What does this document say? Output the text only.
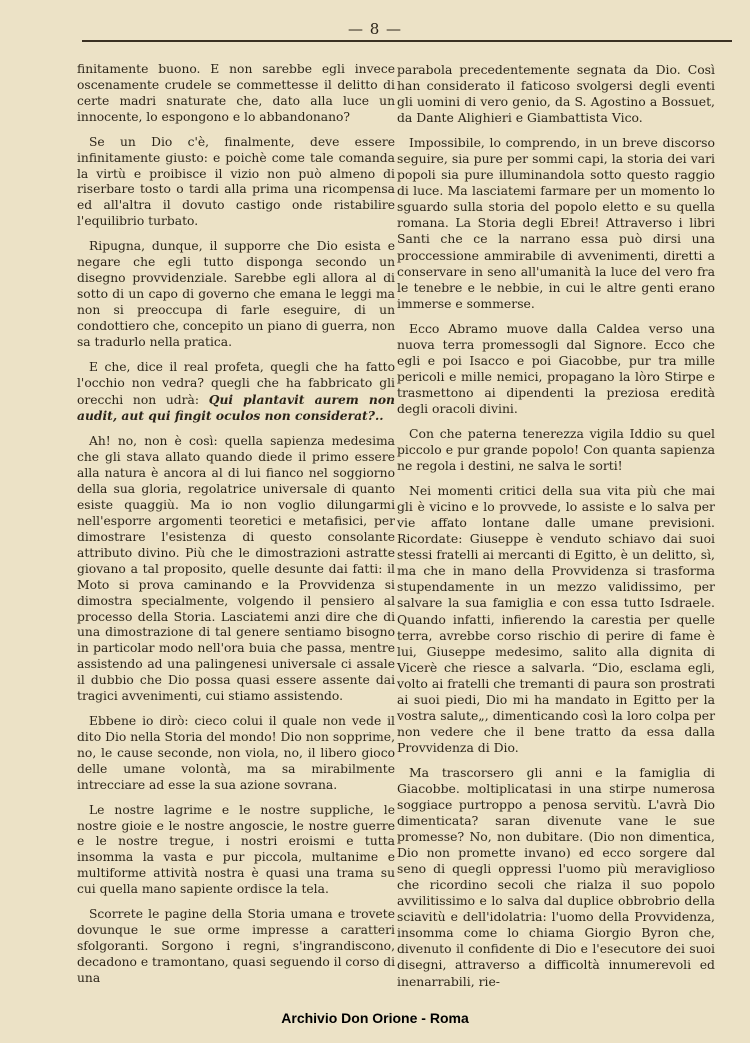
— 8 —

finitamente buono. E non sarebbe egli invece oscenamente crudele se commettesse il delitto di certe madri snaturate che, dato alla luce un innocente, lo espongono e lo abbandonano?

Se un Dio c'è, finalmente, deve essere infinitamente giusto: e poichè come tale comanda la virtù e proibisce il vizio non può almeno di riserbare tosto o tardi alla prima una ricompensa ed all'altra il dovuto castigo onde ristabilire l'equilibrio turbato.

Ripugna, dunque, il supporre che Dio esista e negare che egli tutto disponga secondo un disegno provvidenziale. Sarebbe egli allora al di sotto di un capo di governo che emana le leggi ma non si preoccupa di farle eseguire, di un condottiero che, concepito un piano di guerra, non sa tradurlo nella pratica.

E che, dice il real profeta, quegli che ha fatto l'occhio non vedra? quegli che ha fabbricato gli orecchi non udrà: Qui plantavit aurem non audit, aut qui fingit oculos non considerat?..

Ah! no, non è così: quella sapienza medesima che gli stava allato quando diede il primo essere alla natura è ancora al di lui fianco nel soggiorno della sua gloria, regolatrice universale di quanto esiste quaggiù. Ma io non voglio dilungarmi nell'esporre argomenti teoretici e metafisici, per dimostrare l'esistenza di questo consolante attributo divino. Più che le dimostrazioni astratte giovano a tal proposito, quelle desunte dai fatti: il Moto si prova caminando e la Provvidenza si dimostra specialmente, volgendo il pensiero al processo della Storia. Lasciatemi anzi dire che di una dimostrazione di tal genere sentiamo bisogno in particolar modo nell'ora buia che passa, mentre assistendo ad una palingenesi universale ci assale il dubbio che Dio possa quasi essere assente dai tragici avvenimenti, cui stiamo assistendo.

Ebbene io dirò: cieco colui il quale non vede il dito Dio nella Storia del mondo! Dio non sopprime, no, le cause seconde, non viola, no, il libero gioco delle umane volontà, ma sa mirabilmente intrecciare ad esse la sua azione sovrana.

Le nostre lagrime e le nostre suppliche, le nostre gioie e le nostre angoscie, le nostre guerre e le nostre tregue, i nostri eroismi e tutta insomma la vasta e pur piccola, multanime e multiforme attività nostra è quasi una trama su cui quella mano sapiente ordisce la tela.

Scorrete le pagine della Storia umana e trovete dovunque le sue orme impresse a caratteri sfolgoranti. Sorgono i regni, s'ingrandiscono, decadono e tramontano, quasi seguendo il corso di una

parabola precedentemente segnata da Dio. Così han considerato il faticoso svolgersi degli eventi gli uomini di vero genio, da S. Agostino a Bossuet, da Dante Alighieri e Giambattista Vico.

Impossibile, lo comprendo, in un breve discorso seguire, sia pure per sommi capi, la storia dei vari popoli sia pure illuminandola sotto questo raggio di luce. Ma lasciatemi farmare per un momento lo sguardo sulla storia del popolo eletto e su quella romana. La Storia degli Ebrei! Attraverso i libri Santi che ce la narrano essa può dirsi una proccessione ammirabile di avvenimenti, diretti a conservare in seno all'umanità la luce del vero fra le tenebre e le nebbie, in cui le altre genti erano immerse e sommerse.

Ecco Abramo muove dalla Caldea verso una nuova terra promessogli dal Signore. Ecco che egli e poi Isacco e poi Giacobbe, pur tra mille pericoli e mille nemici, propagano la lòro Stirpe e trasmettono ai dipendenti la preziosa eredità degli oracoli divini.

Con che paterna tenerezza vigila Iddio su quel piccolo e pur grande popolo! Con quanta sapienza ne regola i destini, ne salva le sorti!

Nei momenti critici della sua vita più che mai gli è vicino e lo provvede, lo assiste e lo salva per vie affato lontane dalle umane previsioni. Ricordate: Giuseppe è venduto schiavo dai suoi stessi fratelli ai mercanti di Egitto, è un delitto, sì, ma che in mano della Provvidenza si trasforma stupendamente in un mezzo validissimo, per salvare la sua famiglia e con essa tutto Isdraele. Quando infatti, infierendo la carestia per quelle terra, avrebbe corso rischio di perire di fame è lui, Giuseppe medesimo, salito alla dignita di Vicerè che riesce a salvarla. “Dio, esclama egli, volto ai fratelli che tremanti di paura son prostrati ai suoi piedi, Dio mi ha mandato in Egitto per la vostra salute„, dimenticando così la loro colpa per non vedere che il bene tratto da essa dalla Provvidenza di Dio.

Ma trascorsero gli anni e la famiglia di Giacobbe. moltiplicatasi in una stirpe numerosa soggiace purtroppo a penosa servitù. L'avrà Dio dimenticata? saran divenute vane le sue promesse? No, non dubitare. (Dio non dimentica, Dio non promette invano) ed ecco sorgere dal seno di quegli oppressi l'uomo più meraviglioso che ricordino secoli che rialza il suo popolo avvilitissimo e lo salva dal duplice obbrobrio della sciavitù e dell'idolatria: l'uomo della Provvidenza, insomma come lo chiama Giorgio Byron che, divenuto il confidente di Dio e l'esecutore dei suoi disegni, attraverso a difficoltà innumerevoli ed inenarrabili, rie-

Archivio Don Orione - Roma
